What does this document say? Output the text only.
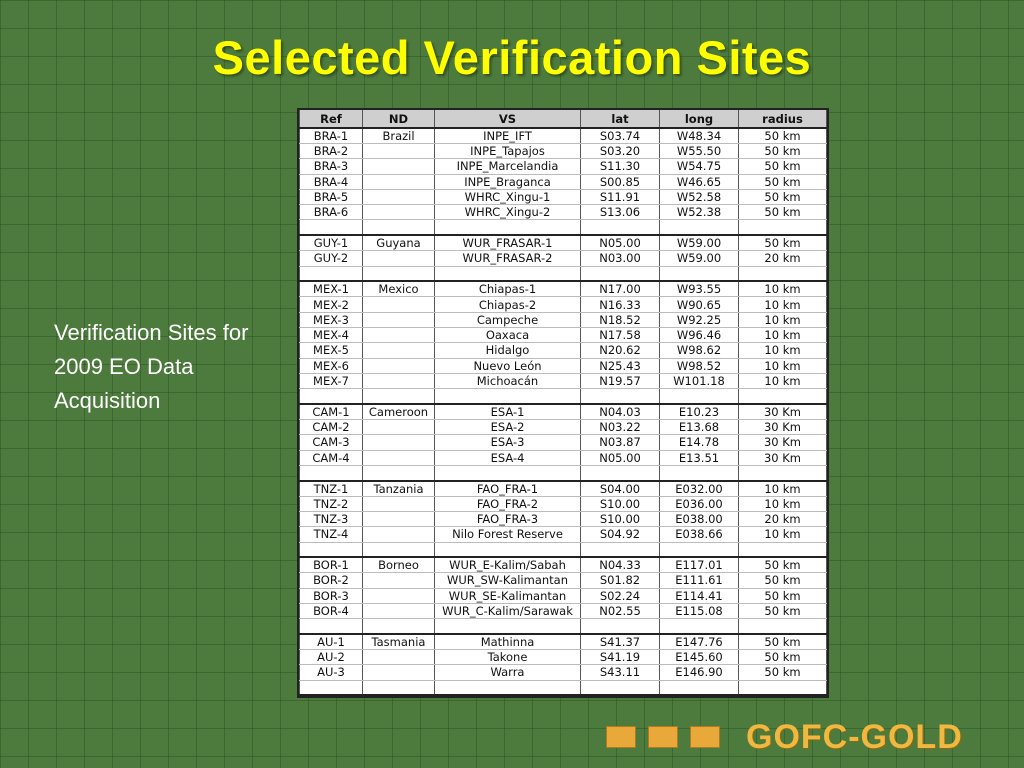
Selected Verification Sites
Verification Sites for 2009 EO Data Acquisition
Ref	ND	VS	lat	long	radius
BRA-1	Brazil	INPE_IFT	S03.74	W48.34	50 km
BRA-2		INPE_Tapajos	S03.20	W55.50	50 km
BRA-3		INPE_Marcelandia	S11.30	W54.75	50 km
BRA-4		INPE_Braganca	S00.85	W46.65	50 km
BRA-5		WHRC_Xingu-1	S11.91	W52.58	50 km
BRA-6		WHRC_Xingu-2	S13.06	W52.38	50 km

GUY-1	Guyana	WUR_FRASAR-1	N05.00	W59.00	50 km
GUY-2		WUR_FRASAR-2	N03.00	W59.00	20 km

MEX-1	Mexico	Chiapas-1	N17.00	W93.55	10 km
MEX-2		Chiapas-2	N16.33	W90.65	10 km
MEX-3		Campeche	N18.52	W92.25	10 km
MEX-4		Oaxaca	N17.58	W96.46	10 km
MEX-5		Hidalgo	N20.62	W98.62	10 km
MEX-6		Nuevo León	N25.43	W98.52	10 km
MEX-7		Michoacán	N19.57	W101.18	10 km

CAM-1	Cameroon	ESA-1	N04.03	E10.23	30 Km
CAM-2		ESA-2	N03.22	E13.68	30 Km
CAM-3		ESA-3	N03.87	E14.78	30 Km
CAM-4		ESA-4	N05.00	E13.51	30 Km

TNZ-1	Tanzania	FAO_FRA-1	S04.00	E032.00	10 km
TNZ-2		FAO_FRA-2	S10.00	E036.00	10 km
TNZ-3		FAO_FRA-3	S10.00	E038.00	20 km
TNZ-4		Nilo Forest Reserve	S04.92	E038.66	10 km

BOR-1	Borneo	WUR_E-Kalim/Sabah	N04.33	E117.01	50 km
BOR-2		WUR_SW-Kalimantan	S01.82	E111.61	50 km
BOR-3		WUR_SE-Kalimantan	S02.24	E114.41	50 km
BOR-4		WUR_C-Kalim/Sarawak	N02.55	E115.08	50 km

AU-1	Tasmania	Mathinna	S41.37	E147.76	50 km
AU-2		Takone	S41.19	E145.60	50 km
AU-3		Warra	S43.11	E146.90	50 km

GOFC-GOLD
